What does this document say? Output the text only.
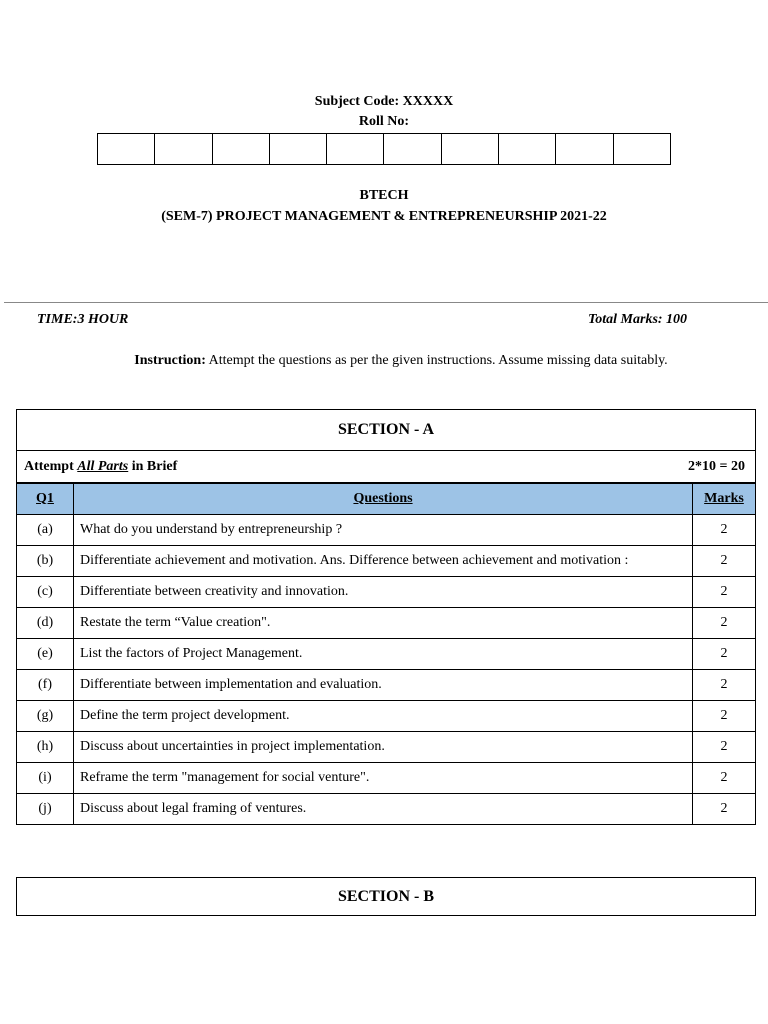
Subject Code: XXXXX
Roll No:
BTECH
(SEM-7) PROJECT MANAGEMENT & ENTREPRENEURSHIP 2021-22
TIME:3 HOUR	Total Marks: 100
Instruction: Attempt the questions as per the given instructions. Assume missing data suitably.
SECTION - A
Attempt All Parts in Brief	2*10 = 20
Q1	Questions	Marks
(a)	What do you understand by entrepreneurship ?	2
(b)	Differentiate achievement and motivation. Ans. Difference between achievement and motivation :	2
(c)	Differentiate between creativity and innovation.	2
(d)	Restate the term “Value creation".	2
(e)	List the factors of Project Management.	2
(f)	Differentiate between implementation and evaluation.	2
(g)	Define the term project development.	2
(h)	Discuss about uncertainties in project implementation.	2
(i)	Reframe the term "management for social venture".	2
(j)	Discuss about legal framing of ventures.	2
SECTION - B
